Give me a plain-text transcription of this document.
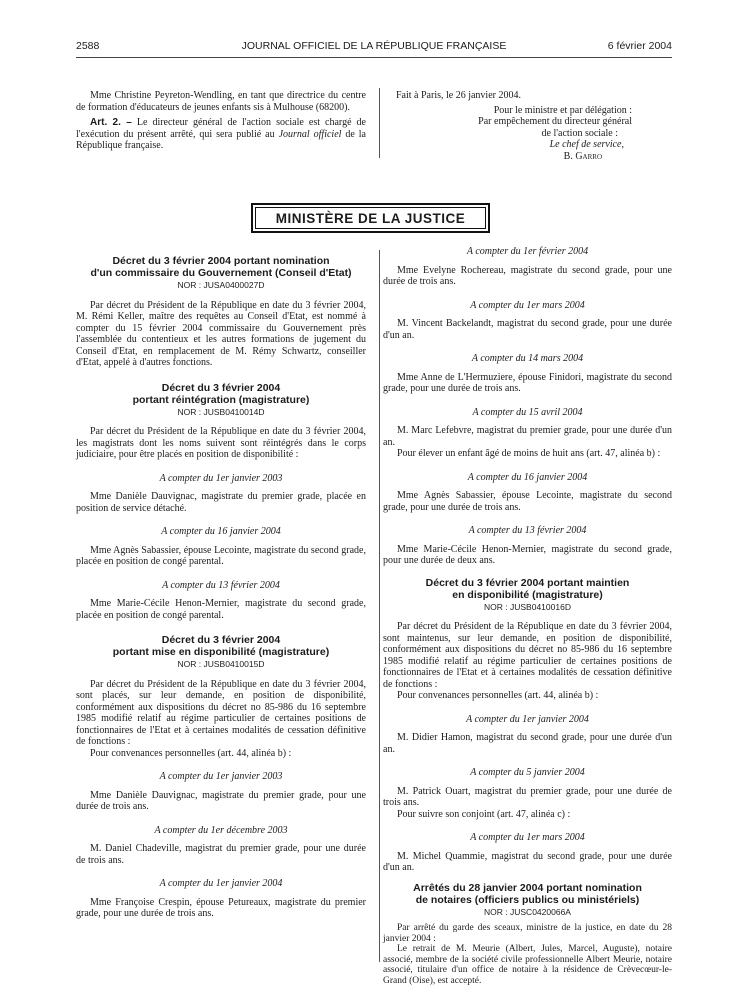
2588	JOURNAL OFFICIEL DE LA RÉPUBLIQUE FRANÇAISE	6 février 2004

Mme Christine Peyreton-Wendling, en tant que directrice du centre de formation d'éducateurs de jeunes enfants sis à Mulhouse (68200).

Art. 2. – Le directeur général de l'action sociale est chargé de l'exécution du présent arrêté, qui sera publié au Journal officiel de la République française.

Fait à Paris, le 26 janvier 2004.

Pour le ministre et par délégation :
Par empêchement du directeur général
de l'action sociale :
Le chef de service,
B. Garro
MINISTÈRE DE LA JUSTICE
Décret du 3 février 2004 portant nomination
d'un commissaire du Gouvernement (Conseil d'Etat)
NOR : JUSA0400027D

Par décret du Président de la République en date du 3 février 2004, M. Rémi Keller, maître des requêtes au Conseil d'Etat, est nommé à compter du 15 février 2004 commissaire du Gouvernement près l'assemblée du contentieux et les autres formations de jugement du Conseil d'Etat, en remplacement de M. Rémy Schwartz, conseiller d'Etat, appelé à d'autres fonctions.

Décret du 3 février 2004
portant réintégration (magistrature)
NOR : JUSB0410014D

Par décret du Président de la République en date du 3 février 2004, les magistrats dont les noms suivent sont réintégrés dans le corps judiciaire, pour être placés en position de disponibilité :

A compter du 1er janvier 2003

Mme Danièle Dauvignac, magistrate du premier grade, placée en position de service détaché.

A compter du 16 janvier 2004

Mme Agnès Sabassier, épouse Lecointe, magistrate du second grade, placée en position de congé parental.

A compter du 13 février 2004

Mme Marie-Cécile Henon-Mernier, magistrate du second grade, placée en position de congé parental.

Décret du 3 février 2004
portant mise en disponibilité (magistrature)
NOR : JUSB0410015D

Par décret du Président de la République en date du 3 février 2004, sont placés, sur leur demande, en position de disponibilité, conformément aux dispositions du décret no 85-986 du 16 septembre 1985 modifié relatif au régime particulier de certaines positions de fonctionnaires de l'Etat et à certaines modalités de cessation définitive de fonctions :

Pour convenances personnelles (art. 44, alinéa b) :

A compter du 1er janvier 2003

Mme Danièle Dauvignac, magistrate du premier grade, pour une durée de trois ans.

A compter du 1er décembre 2003

M. Daniel Chadeville, magistrat du premier grade, pour une durée de trois ans.

A compter du 1er janvier 2004

Mme Françoise Crespin, épouse Petureaux, magistrate du premier grade, pour une durée de trois ans.

A compter du 1er février 2004

Mme Evelyne Rochereau, magistrate du second grade, pour une durée de trois ans.

A compter du 1er mars 2004

M. Vincent Backelandt, magistrat du second grade, pour une durée d'un an.

A compter du 14 mars 2004

Mme Anne de L'Hermuziere, épouse Finidori, magistrate du second grade, pour une durée de trois ans.

A compter du 15 avril 2004

M. Marc Lefebvre, magistrat du premier grade, pour une durée d'un an.

Pour élever un enfant âgé de moins de huit ans (art. 47, alinéa b) :

A compter du 16 janvier 2004

Mme Agnès Sabassier, épouse Lecointe, magistrate du second grade, pour une durée de trois ans.

A compter du 13 février 2004

Mme Marie-Cécile Henon-Mernier, magistrate du second grade, pour une durée de deux ans.

Décret du 3 février 2004 portant maintien
en disponibilité (magistrature)
NOR : JUSB0410016D

Par décret du Président de la République en date du 3 février 2004, sont maintenus, sur leur demande, en position de disponibilité, conformément aux dispositions du décret no 85-986 du 16 septembre 1985 modifié relatif au régime particulier de certaines positions de fonctionnaires de l'Etat et à certaines modalités de cessation définitive de fonctions :

Pour convenances personnelles (art. 44, alinéa b) :

A compter du 1er janvier 2004

M. Didier Hamon, magistrat du second grade, pour une durée d'un an.

A compter du 5 janvier 2004

M. Patrick Ouart, magistrat du premier grade, pour une durée de trois ans.

Pour suivre son conjoint (art. 47, alinéa c) :

A compter du 1er mars 2004

M. Michel Quammie, magistrat du second grade, pour une durée d'un an.

Arrêtés du 28 janvier 2004 portant nomination
de notaires (officiers publics ou ministériels)
NOR : JUSC0420066A

Par arrêté du garde des sceaux, ministre de la justice, en date du 28 janvier 2004 :

Le retrait de M. Meurie (Albert, Jules, Marcel, Auguste), notaire associé, membre de la société civile professionnelle Albert Meurie, notaire associé, titulaire d'un office de notaire à la résidence de Crèvecœur-le-Grand (Oise), est accepté.
